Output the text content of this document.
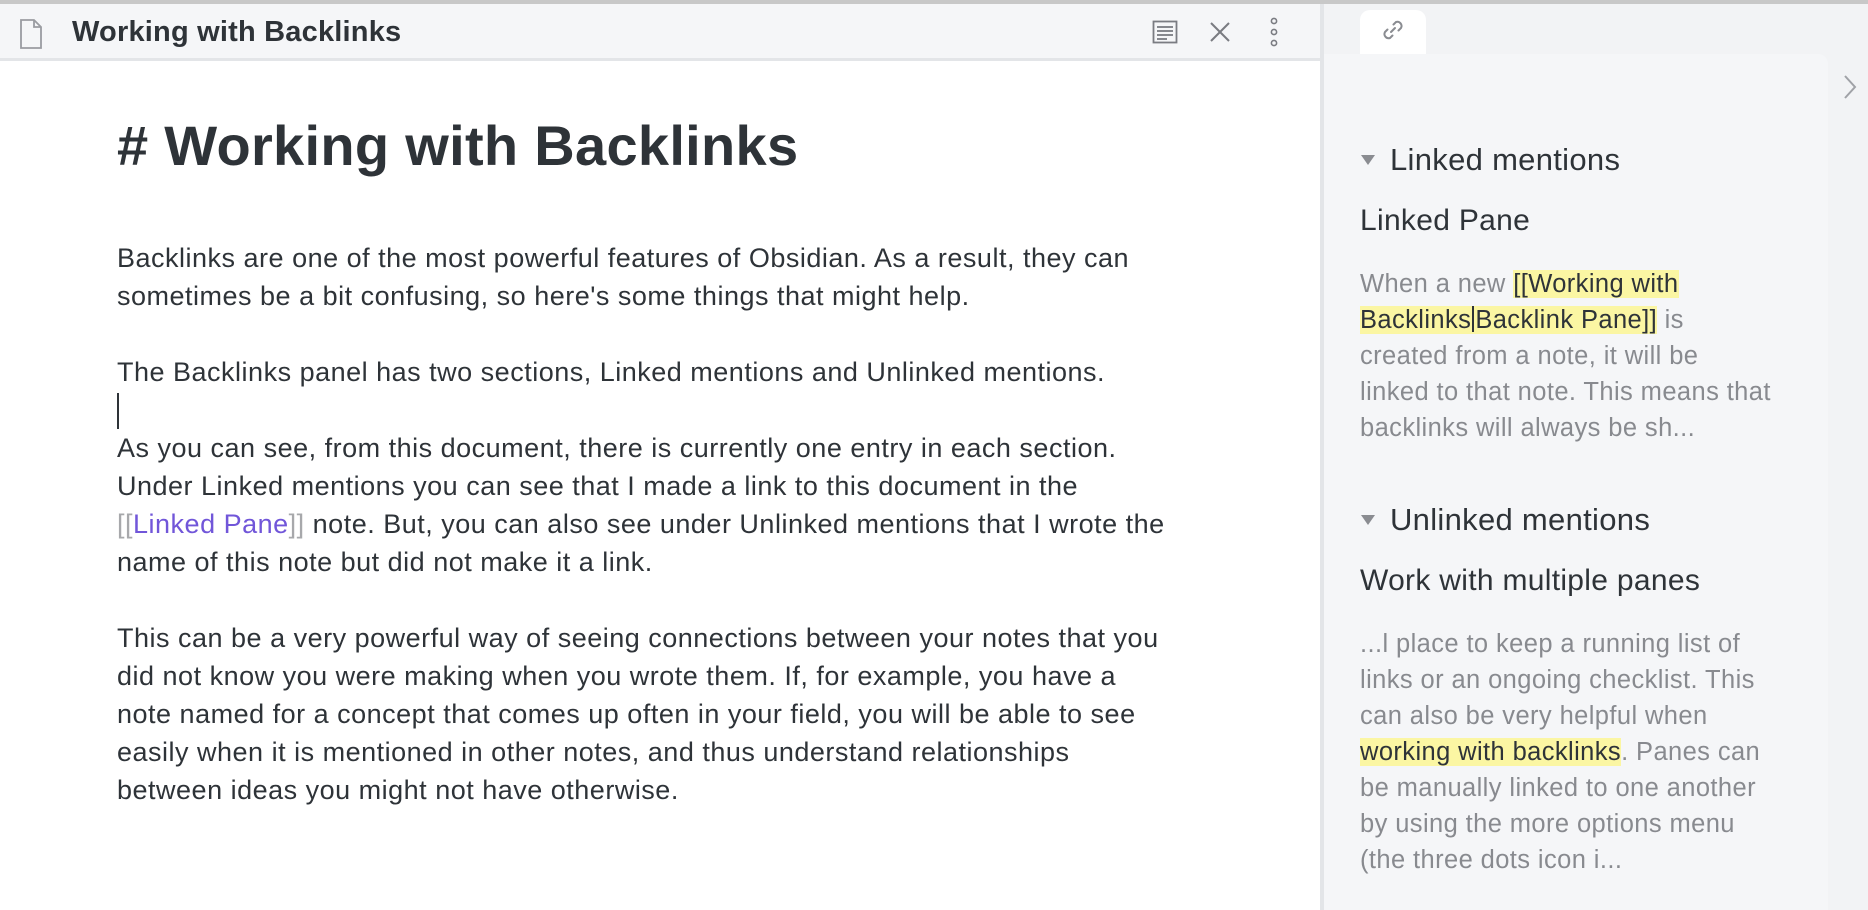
Working with Backlinks
# Working with Backlinks
Backlinks are one of the most powerful features of Obsidian. As a result, they can
sometimes be a bit confusing, so here's some things that might help.
The Backlinks panel has two sections, Linked mentions and Unlinked mentions.
As you can see, from this document, there is currently one entry in each section.
Under Linked mentions you can see that I made a link to this document in the
[[Linked Pane]] note. But, you can also see under Unlinked mentions that I wrote the
name of this note but did not make it a link.
This can be a very powerful way of seeing connections between your notes that you
did not know you were making when you wrote them. If, for example, you have a
note named for a concept that comes up often in your field, you will be able to see
easily when it is mentioned in other notes, and thus understand relationships
between ideas you might not have otherwise.
Linked mentions
Linked Pane
When a new [[Working with
Backlinks Backlink Pane]] is
created from a note, it will be
linked to that note. This means that
backlinks will always be sh...
Unlinked mentions
Work with multiple panes
...l place to keep a running list of
links or an ongoing checklist. This
can also be very helpful when
working with backlinks. Panes can
be manually linked to one another
by using the more options menu
(the three dots icon i...
